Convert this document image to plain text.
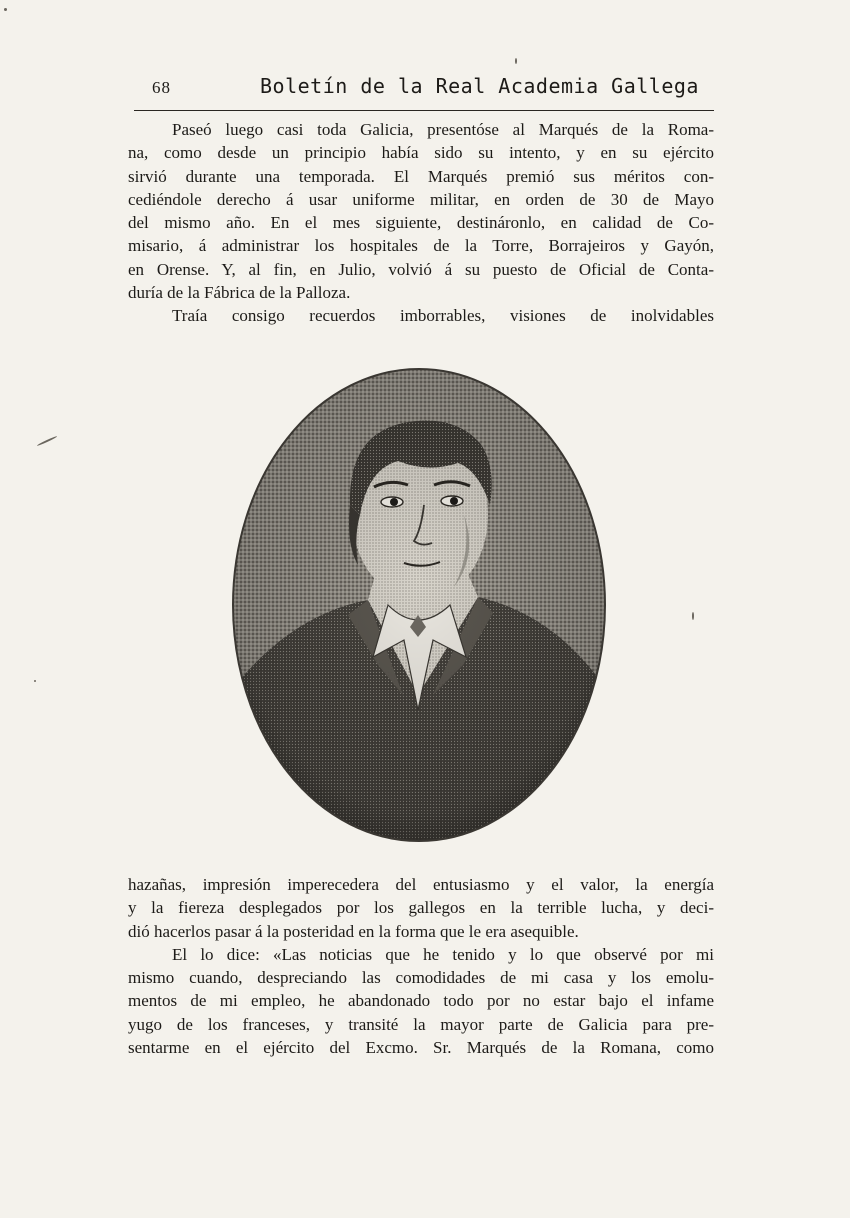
68	Boletín de la Real Academia Gallega
Paseó luego casi toda Galicia, presentóse al Marqués de la Roma-
na, como desde un principio había sido su intento, y en su ejército
sirvió durante una temporada. El Marqués premió sus méritos con-
cediéndole derecho á usar uniforme militar, en orden de 30 de Mayo
del mismo año. En el mes siguiente, destináronlo, en calidad de Co-
misario, á administrar los hospitales de la Torre, Borrajeiros y Gayón,
en Orense. Y, al fin, en Julio, volvió á su puesto de Oficial de Conta-
duría de la Fábrica de la Palloza.
Traía consigo recuerdos imborrables, visiones de inolvidables
hazañas, impresión imperecedera del entusiasmo y el valor, la energía
y la fiereza desplegados por los gallegos en la terrible lucha, y deci-
dió hacerlos pasar á la posteridad en la forma que le era asequible.
El lo dice: «Las noticias que he tenido y lo que observé por mi
mismo cuando, despreciando las comodidades de mi casa y los emolu-
mentos de mi empleo, he abandonado todo por no estar bajo el infame
yugo de los franceses, y transité la mayor parte de Galicia para pre-
sentarme en el ejército del Excmo. Sr. Marqués de la Romana, como
